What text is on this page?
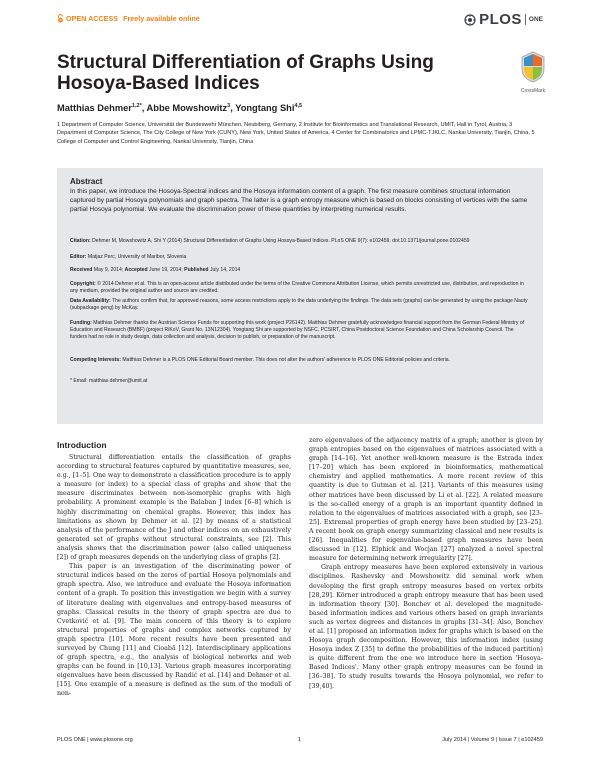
OPEN ACCESS Freely available online	PLOS ONE
Structural Differentiation of Graphs Using Hosoya-Based Indices	CrossMark
Matthias Dehmer$^{1,2*}$, Abbe Mowshowitz$^3$, Yongtang Shi$^{4,5}$
1 Department of Computer Science, Universität der Bundeswehr München, Neubiberg, Germany, 2 Institute for Bioinformatics and Translational Research, UMIT, Hall in Tyrol, Austria, 3 Department of Computer Science, The City College of New York (CUNY), New York, United States of America, 4 Center for Combinatorics and LPMC-TJKLC, Nankai University, Tianjin, China, 5 College of Computer and Control Engineering, Nankai University, Tianjin, China
Abstract
In this paper, we introduce the Hosoya-Spectral indices and the Hosoya information content of a graph. The first measure combines structural information captured by partial Hosoya polynomials and graph spectra. The latter is a graph entropy measure which is based on blocks consisting of vertices with the same partial Hosoya polynomial. We evaluate the discrimination power of these quantities by interpreting numerical results.
Citation: Dehmer M, Mowshowitz A, Shi Y (2014) Structural Differentiation of Graphs Using Hosoya-Based Indices. PLoS ONE 9(7): e102459. doi:10.1371/journal.pone.0102459
Editor: Matjaz Perc, University of Maribor, Slovenia
Received May 9, 2014; Accepted June 19, 2014; Published July 14, 2014
Copyright: © 2014 Dehmer et al. This is an open-access article distributed under the terms of the Creative Commons Attribution License, which permits unrestricted use, distribution, and reproduction in any medium, provided the original author and source are credited.
Data Availability: The authors confirm that, for approved reasons, some access restrictions apply to the data underlying the findings. The data sets (graphs) can be generated by using the package Nauty (subpackage geng) by McKay.
Funding: Matthias Dehmer thanks the Austrian Science Funds for supporting this work (project P26142). Matthias Dehmer gratefully acknowledges financial support from the German Federal Ministry of Education and Research (BMBF) (project RiKoV, Grant No. 13N12304). Yongtang Shi are supported by NSFC, PCSIRT, China Postdoctoral Science Foundation and China Scholarship Council. The funders had no role in study design, data collection and analysis, decision to publish, or preparation of the manuscript.
Competing Interests: Matthias Dehmer is a PLOS ONE Editorial Board member. This does not alter the authors' adherence to PLOS ONE Editorial policies and criteria.
* Email: matthias.dehmer@umit.at
Introduction

Structural differentiation entails the classification of graphs according to structural features captured by quantitative measures, see, e.g., [1–5]. One way to demonstrate a classification procedure is to apply a measure (or index) to a special class of graphs and show that the measure discriminates between non-isomorphic graphs with high probability. A prominent example is the Balaban J index [6–8] which is highly discriminating on chemical graphs. However, this index has limitations as shown by Dehmer et al. [2] by means of a statistical analysis of the performance of the J and other indices on an exhaustively generated set of graphs without structural constraints, see [2]. This analysis shows that the discrimination power (also called uniqueness [2]) of graph measures depends on the underlying class of graphs [2].

This paper is an investigation of the discriminating power of structural indices based on the zeros of partial Hosoya polynomials and graph spectra. Also, we introduce and evaluate the Hosoya information content of a graph. To position this investigation we begin with a survey of literature dealing with eigenvalues and entropy-based measures of graphs. Classical results in the theory of graph spectra are due to Cvetković et al. [9]. The main concern of this theory is to explore structural properties of graphs and complex networks captured by graph spectra [10]. More recent results have been presented and surveyed by Chung [11] and Cioabă [12]. Interdisciplinary applications of graph spectra, e.g., the analysis of biological networks and web graphs can be found in [10,13]. Various graph measures incorporating eigenvalues have been discussed by Randić et al. [14] and Dehmer et al. [15]. One example of a measure is defined as the sum of the moduli of non-

zero eigenvalues of the adjacency matrix of a graph; another is given by graph entropies based on the eigenvalues of matrices associated with a graph [14–16]. Yet another well-known measure is the Estrada index [17–20] which has been explored in bioinformatics, mathematical chemistry and applied mathematics. A more recent review of this quantity is due to Gutman et al. [21]. Variants of this measures using other matrices have been discussed by Li et al. [22]. A related measure is the so-called energy of a graph is an important quantity defined in relation to the eigenvalues of matrices associated with a graph, see [23–25]. Extremal properties of graph energy have been studied by [23–25]. A recent book on graph energy summarizing classical and new results is [26]. Inequalities for eigenvalue-based graph measures have been discussed in [12]. Elphick and Wocjan [27] analyzed a novel spectral measure for determining network irregularity [27].

Graph entropy measures have been explored extensively in various disciplines. Rashevsky and Mowshowitz did seminal work when developing the first graph entropy measures based on vertex orbits [28,29]. Körner introduced a graph entropy measure that has been used in information theory [30]. Bonchev et al. developed the magnitude-based information indices and various others based on graph invariants such as vertex degrees and distances in graphs [31–34]. Also, Bonchev et al. [1] proposed an information index for graphs which is based on the Hosoya graph decomposition. However, this information index (using Hosoya index Z [35] to define the probabilities of the induced partition) is quite different from the one we introduce here in section 'Hosoya-Based Indices'. Many other graph entropy measures can be found in [36–38]. To study results towards the Hosoya polynomial, we refer to [39,40].

PLOS ONE | www.plosone.org	1	July 2014 | Volume 9 | Issue 7 | e102459
